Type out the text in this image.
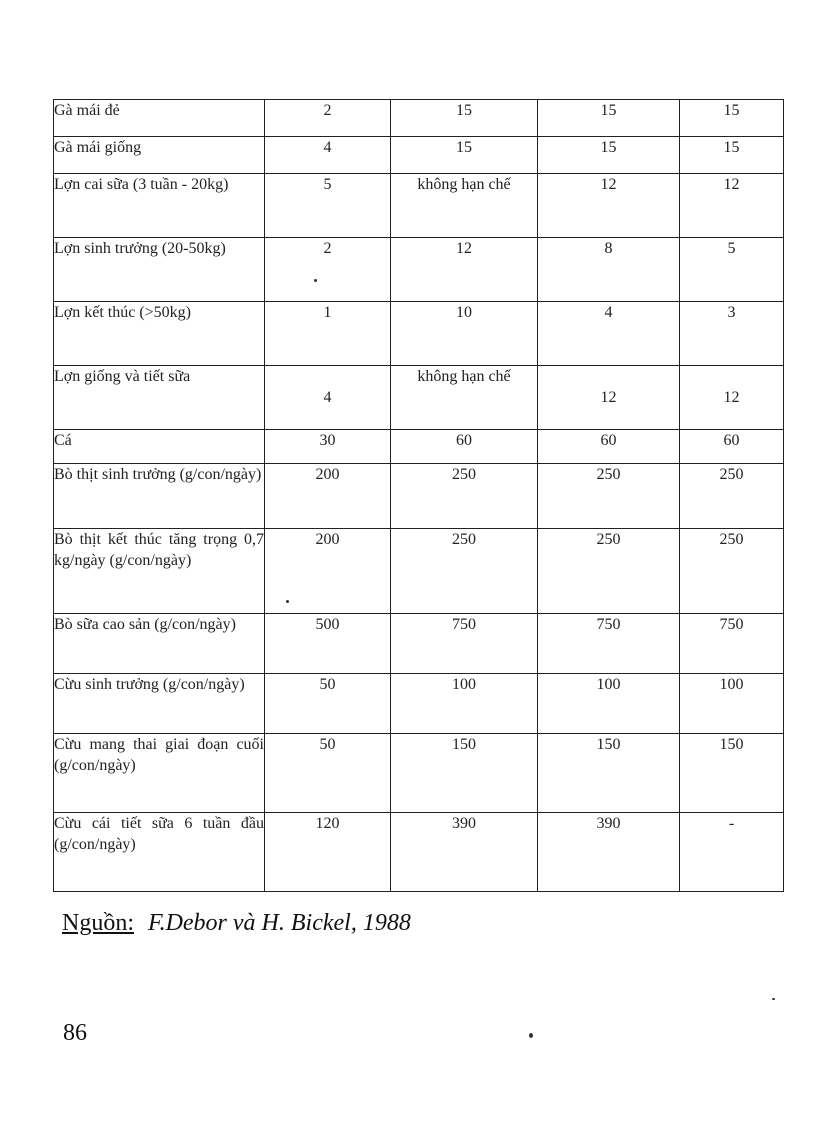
Gà mái đẻ	2	15	15	15
Gà mái giống	4	15	15	15
Lợn cai sữa (3 tuần - 20kg)	5	không hạn chế	12	12
Lợn sinh trưởng (20-50kg)	2	12	8	5
Lợn kết thúc (>50kg)	1	10	4	3
Lợn giống và tiết sữa	4	không hạn chế	12	12
Cá	30	60	60	60
Bò thịt sinh trưởng (g/con/ngày)	200	250	250	250
Bò thịt kết thúc tăng trọng 0,7 kg/ngày (g/con/ngày)	200	250	250	250
Bò sữa cao sản (g/con/ngày)	500	750	750	750
Cừu sinh trưởng (g/con/ngày)	50	100	100	100
Cừu mang thai giai đoạn cuối (g/con/ngày)	50	150	150	150
Cừu cái tiết sữa 6 tuần đầu (g/con/ngày)	120	390	390	-
Nguồn: F.Debor và H. Bickel, 1988
86
